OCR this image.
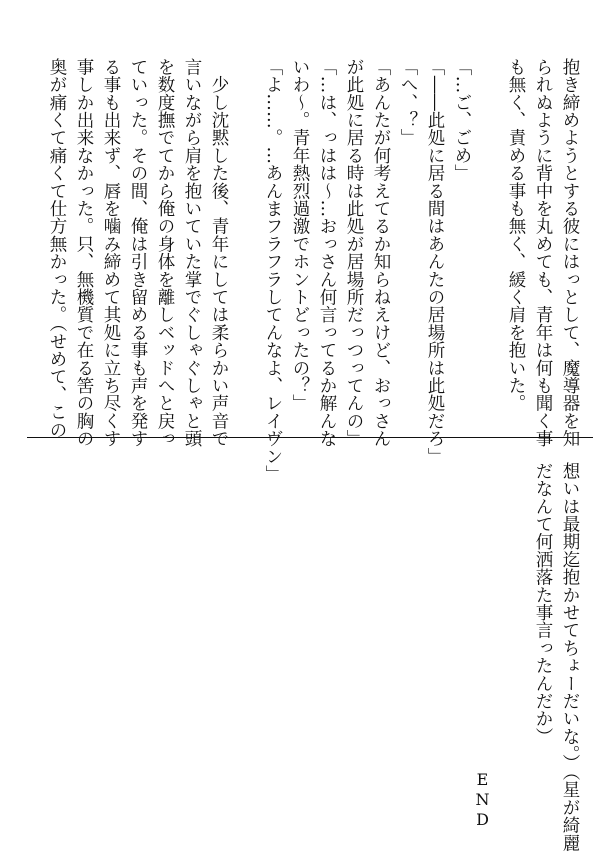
抱き締めようとする彼にはっとして、魔導器を知
られぬように背中を丸めても、青年は何も聞く事
も無く、責める事も無く、緩く肩を抱いた。

「…ご、ごめ」
「――此処に居る間はあんたの居場所は此処だろ」
「へ、？」
「あんたが何考えてるか知らねえけど、おっさん
が此処に居る時は此処が居場所だっつってんの」
「…は、っはは～…おっさん何言ってるか解んな
いわ～。青年熱烈過激でホントどったの？」
「よ……。…あんまフラフラしてんなよ、レイヴン」

　少し沈黙した後、青年にしては柔らかい声音で
言いながら肩を抱いていた掌でぐしゃぐしゃと頭
を数度撫でてから俺の身体を離しベッドへと戻っ
ていった。その間、俺は引き留める事も声を発す
る事も出来ず、唇を噛み締めて其処に立ち尽くす
事しか出来なかった。只、無機質で在る筈の胸の
奥が痛くて痛くて仕方無かった。（せめて、この
想いは最期迄抱かせてちょーだいな。）（星が綺麗
だなんて何洒落た事言ったんだか）
END
